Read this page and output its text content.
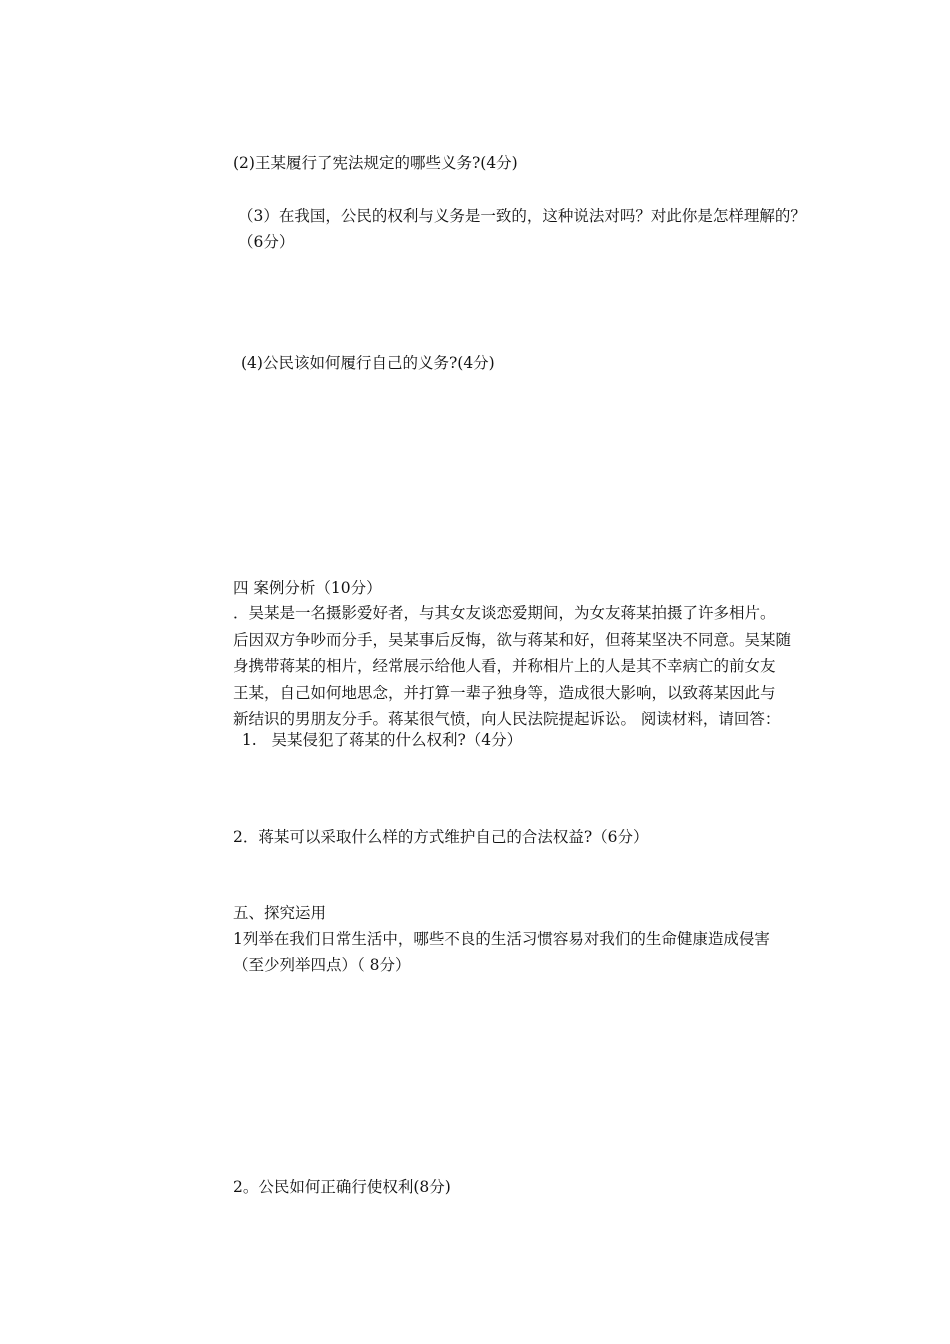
(2)王某履行了宪法规定的哪些义务?(4分)
（3）在我国，公民的权利与义务是一致的，这种说法对吗？对此你是怎样理解的？
（6分）
(4)公民该如何履行自己的义务?(4分)
四 案例分析（10分）
．吴某是一名摄影爱好者，与其女友谈恋爱期间，为女友蒋某拍摄了许多相片。
后因双方争吵而分手，吴某事后反悔，欲与蒋某和好，但蒋某坚决不同意。吴某随
身携带蒋某的相片，经常展示给他人看，并称相片上的人是其不幸病亡的前女友
王某，自己如何地思念，并打算一辈子独身等，造成很大影响，以致蒋某因此与
新结识的男朋友分手。蒋某很气愤，向人民法院提起诉讼。 阅读材料，请回答：
1.   吴某侵犯了蒋某的什么权利?（4分）
2．蒋某可以采取什么样的方式维护自己的合法权益?（6分）
五、探究运用
1列举在我们日常生活中，哪些不良的生活习惯容易对我们的生命健康造成侵害
（至少列举四点）（ 8分）
2。公民如何正确行使权利(8分)
